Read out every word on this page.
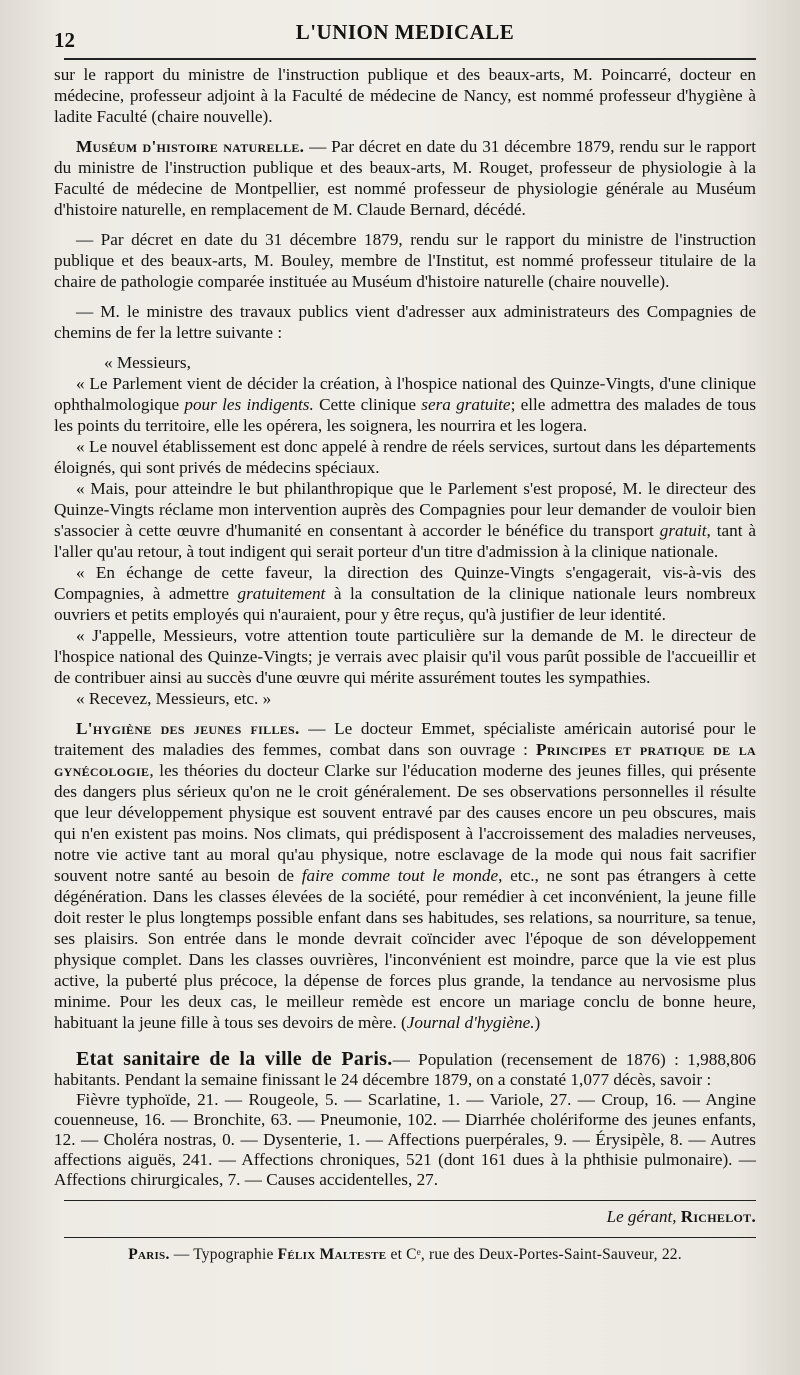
12	L'UNION MEDICALE

sur le rapport du ministre de l'instruction publique et des beaux-arts, M. Poincarré, docteur en médecine, professeur adjoint à la Faculté de médecine de Nancy, est nommé professeur d'hygiène à ladite Faculté (chaire nouvelle).

Muséum d'histoire naturelle. — Par décret en date du 31 décembre 1879, rendu sur le rapport du ministre de l'instruction publique et des beaux-arts, M. Rouget, professeur de physiologie à la Faculté de médecine de Montpellier, est nommé professeur de physiologie générale au Muséum d'histoire naturelle, en remplacement de M. Claude Bernard, décédé.

— Par décret en date du 31 décembre 1879, rendu sur le rapport du ministre de l'instruction publique et des beaux-arts, M. Bouley, membre de l'Institut, est nommé professeur titulaire de la chaire de pathologie comparée instituée au Muséum d'histoire naturelle (chaire nouvelle).

— M. le ministre des travaux publics vient d'adresser aux administrateurs des Compagnies de chemins de fer la lettre suivante :

« Messieurs,

« Le Parlement vient de décider la création, à l'hospice national des Quinze-Vingts, d'une clinique ophthalmologique pour les indigents. Cette clinique sera gratuite; elle admettra des malades de tous les points du territoire, elle les opérera, les soignera, les nourrira et les logera.

« Le nouvel établissement est donc appelé à rendre de réels services, surtout dans les départements éloignés, qui sont privés de médecins spéciaux.

« Mais, pour atteindre le but philanthropique que le Parlement s'est proposé, M. le directeur des Quinze-Vingts réclame mon intervention auprès des Compagnies pour leur demander de vouloir bien s'associer à cette œuvre d'humanité en consentant à accorder le bénéfice du transport gratuit, tant à l'aller qu'au retour, à tout indigent qui serait porteur d'un titre d'admission à la clinique nationale.

« En échange de cette faveur, la direction des Quinze-Vingts s'engagerait, vis-à-vis des Compagnies, à admettre gratuitement à la consultation de la clinique nationale leurs nombreux ouvriers et petits employés qui n'auraient, pour y être reçus, qu'à justifier de leur identité.

« J'appelle, Messieurs, votre attention toute particulière sur la demande de M. le directeur de l'hospice national des Quinze-Vingts; je verrais avec plaisir qu'il vous parût possible de l'accueillir et de contribuer ainsi au succès d'une œuvre qui mérite assurément toutes les sympathies.

« Recevez, Messieurs, etc. »

L'hygiène des jeunes filles. — Le docteur Emmet, spécialiste américain autorisé pour le traitement des maladies des femmes, combat dans son ouvrage : Principes et pratique de la gynécologie, les théories du docteur Clarke sur l'éducation moderne des jeunes filles, qui présente des dangers plus sérieux qu'on ne le croit généralement. De ses observations personnelles il résulte que leur développement physique est souvent entravé par des causes encore un peu obscures, mais qui n'en existent pas moins. Nos climats, qui prédisposent à l'accroissement des maladies nerveuses, notre vie active tant au moral qu'au physique, notre esclavage de la mode qui nous fait sacrifier souvent notre santé au besoin de faire comme tout le monde, etc., ne sont pas étrangers à cette dégénération. Dans les classes élevées de la société, pour remédier à cet inconvénient, la jeune fille doit rester le plus longtemps possible enfant dans ses habitudes, ses relations, sa nourriture, sa tenue, ses plaisirs. Son entrée dans le monde devrait coïncider avec l'époque de son développement physique complet. Dans les classes ouvrières, l'inconvénient est moindre, parce que la vie est plus active, la puberté plus précoce, la dépense de forces plus grande, la tendance au nervosisme plus minime. Pour les deux cas, le meilleur remède est encore un mariage conclu de bonne heure, habituant la jeune fille à tous ses devoirs de mère. (Journal d'hygiène.)

Etat sanitaire de la ville de Paris.— Population (recensement de 1876) : 1,988,806 habitants. Pendant la semaine finissant le 24 décembre 1879, on a constaté 1,077 décès, savoir :

Fièvre typhoïde, 21. — Rougeole, 5. — Scarlatine, 1. — Variole, 27. — Croup, 16. — Angine couenneuse, 16. — Bronchite, 63. — Pneumonie, 102. — Diarrhée cholériforme des jeunes enfants, 12. — Choléra nostras, 0. — Dysenterie, 1. — Affections puerpérales, 9. — Érysipèle, 8. — Autres affections aiguës, 241. — Affections chroniques, 521 (dont 161 dues à la phthisie pulmonaire). — Affections chirurgicales, 7. — Causes accidentelles, 27.

Le gérant, Richelot.
Paris. — Typographie Félix Malteste et Cᵉ, rue des Deux-Portes-Saint-Sauveur, 22.
